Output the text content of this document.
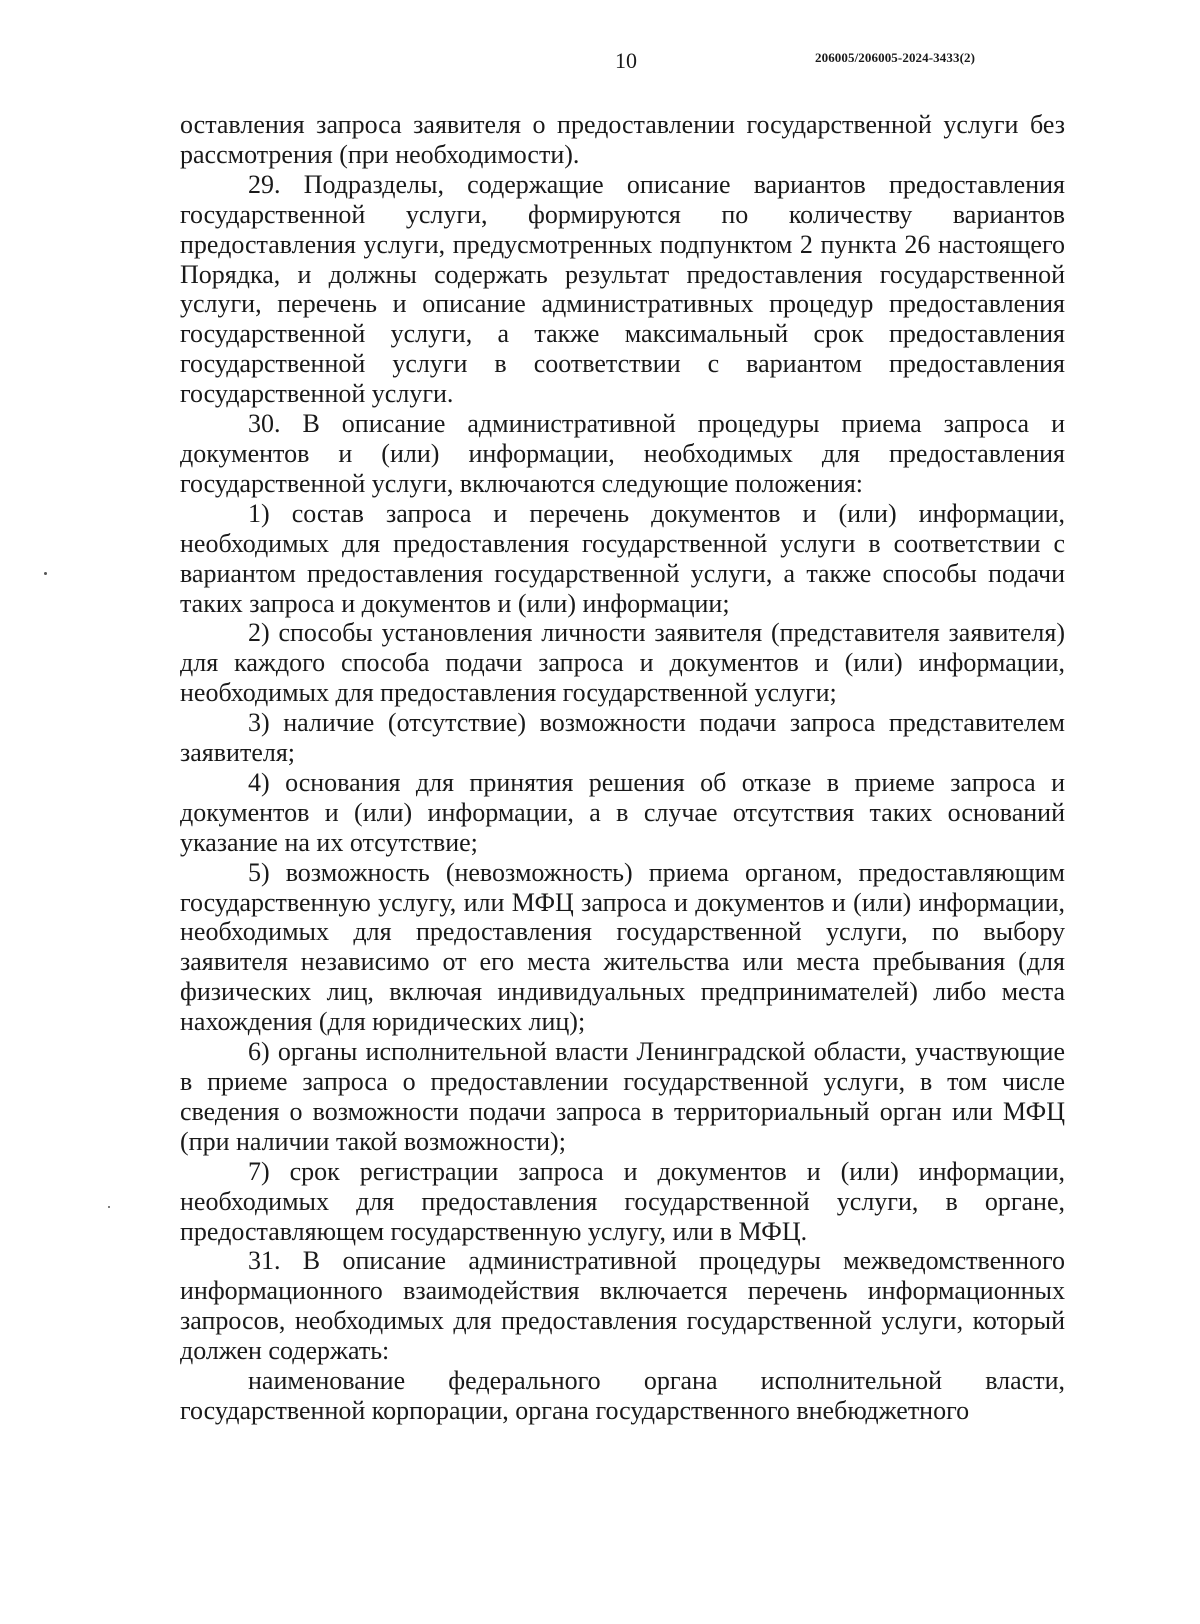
10	206005/206005-2024-3433(2)

оставления запроса заявителя о предоставлении государственной услуги без рассмотрения (при необходимости).

29. Подразделы, содержащие описание вариантов предоставления государственной услуги, формируются по количеству вариантов предоставления услуги, предусмотренных подпунктом 2 пункта 26 настоящего Порядка, и должны содержать результат предоставления государственной услуги, перечень и описание административных процедур предоставления государственной услуги, а также максимальный срок предоставления государственной услуги в соответствии с вариантом предоставления государственной услуги.

30. В описание административной процедуры приема запроса и документов и (или) информации, необходимых для предоставления государственной услуги, включаются следующие положения:

1) состав запроса и перечень документов и (или) информации, необходимых для предоставления государственной услуги в соответствии с вариантом предоставления государственной услуги, а также способы подачи таких запроса и документов и (или) информации;

2) способы установления личности заявителя (представителя заявителя) для каждого способа подачи запроса и документов и (или) информации, необходимых для предоставления государственной услуги;

3) наличие (отсутствие) возможности подачи запроса представителем заявителя;

4) основания для принятия решения об отказе в приеме запроса и документов и (или) информации, а в случае отсутствия таких оснований указание на их отсутствие;

5) возможность (невозможность) приема органом, предоставляющим государственную услугу, или МФЦ запроса и документов и (или) информации, необходимых для предоставления государственной услуги, по выбору заявителя независимо от его места жительства или места пребывания (для физических лиц, включая индивидуальных предпринимателей) либо места нахождения (для юридических лиц);

6) органы исполнительной власти Ленинградской области, участвующие в приеме запроса о предоставлении государственной услуги, в том числе сведения о возможности подачи запроса в территориальный орган или МФЦ (при наличии такой возможности);

7) срок регистрации запроса и документов и (или) информации, необходимых для предоставления государственной услуги, в органе, предоставляющем государственную услугу, или в МФЦ.

31. В описание административной процедуры межведомственного информационного взаимодействия включается перечень информационных запросов, необходимых для предоставления государственной услуги, который должен содержать:

наименование федерального органа исполнительной власти, государственной корпорации, органа государственного внебюджетного
